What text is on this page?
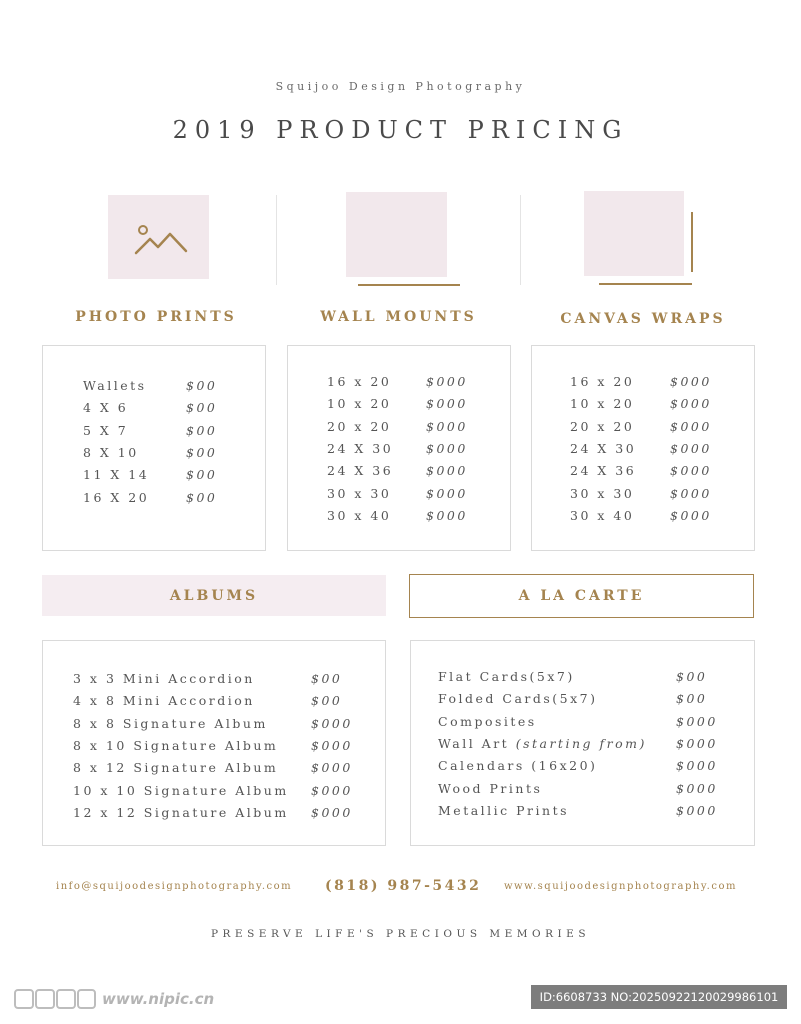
Squijoo Design Photography
2019 PRODUCT PRICING
PHOTO PRINTS	WALL MOUNTS	CANVAS WRAPS
Wallets	$00
4 X 6	$00
5 X 7	$00
8 X 10	$00
11 X 14	$00
16 X 20	$00
16 x 20	$000
10 x 20	$000
20 x 20	$000
24 X 30	$000
24 X 36	$000
30 x 30	$000
30 x 40	$000
16 x 20	$000
10 x 20	$000
20 x 20	$000
24 X 30	$000
24 X 36	$000
30 x 30	$000
30 x 40	$000
ALBUMS	A LA CARTE
3 x 3 Mini Accordion	$00
4 x 8 Mini Accordion	$00
8 x 8 Signature Album	$000
8 x 10 Signature Album	$000
8 x 12 Signature Album	$000
10 x 10 Signature Album $000
12 x 12 Signature Album $000
Flat Cards(5x7)	$00
Folded Cards(5x7)	$00
Composites	$000
Wall Art (starting from) $000
Calendars (16x20)	$000
Wood Prints	$000
Metallic Prints	$000
info@squijoodesignphotography.com (818) 987-5432 www.squijoodesignphotography.com
PRESERVE LIFE'S PRECIOUS MEMORIES
www.nipic.cn	ID:6608733 NO:20250922120029986101
